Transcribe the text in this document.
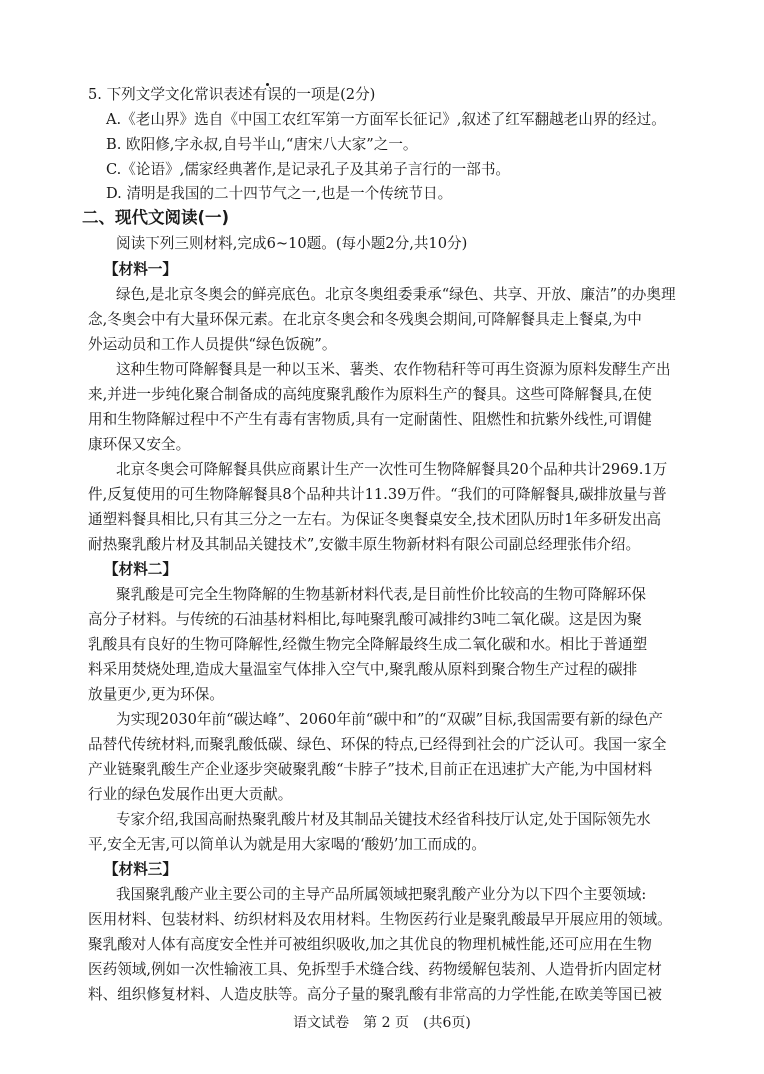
5. 下列文学文化常识表述有误的一项是(2分)
A.《老山界》选自《中国工农红军第一方面军长征记》,叙述了红军翻越老山界的经过。
B. 欧阳修,字永叔,自号半山,“唐宋八大家”之一。
C.《论语》,儒家经典著作,是记录孔子及其弟子言行的一部书。
D. 清明是我国的二十四节气之一,也是一个传统节日。
二、现代文阅读(一)
阅读下列三则材料,完成6~10题。(每小题2分,共10分)
【材料一】
绿色,是北京冬奥会的鲜亮底色。北京冬奥组委秉承“绿色、共享、开放、廉洁”的办奥理
念,冬奥会中有大量环保元素。在北京冬奥会和冬残奥会期间,可降解餐具走上餐桌,为中
外运动员和工作人员提供“绿色饭碗”。
这种生物可降解餐具是一种以玉米、薯类、农作物秸秆等可再生资源为原料发酵生产出
来,并进一步纯化聚合制备成的高纯度聚乳酸作为原料生产的餐具。这些可降解餐具,在使
用和生物降解过程中不产生有毒有害物质,具有一定耐菌性、阻燃性和抗紫外线性,可谓健
康环保又安全。
北京冬奥会可降解餐具供应商累计生产一次性可生物降解餐具20个品种共计2969.1万
件,反复使用的可生物降解餐具8个品种共计11.39万件。“我们的可降解餐具,碳排放量与普
通塑料餐具相比,只有其三分之一左右。为保证冬奥餐桌安全,技术团队历时1年多研发出高
耐热聚乳酸片材及其制品关键技术”,安徽丰原生物新材料有限公司副总经理张伟介绍。
【材料二】
聚乳酸是可完全生物降解的生物基新材料代表,是目前性价比较高的生物可降解环保
高分子材料。与传统的石油基材料相比,每吨聚乳酸可减排约3吨二氧化碳。这是因为聚
乳酸具有良好的生物可降解性,经微生物完全降解最终生成二氧化碳和水。相比于普通塑
料采用焚烧处理,造成大量温室气体排入空气中,聚乳酸从原料到聚合物生产过程的碳排
放量更少,更为环保。
为实现2030年前“碳达峰”、2060年前“碳中和”的“双碳”目标,我国需要有新的绿色产
品替代传统材料,而聚乳酸低碳、绿色、环保的特点,已经得到社会的广泛认可。我国一家全
产业链聚乳酸生产企业逐步突破聚乳酸“卡脖子”技术,目前正在迅速扩大产能,为中国材料
行业的绿色发展作出更大贡献。
专家介绍,我国高耐热聚乳酸片材及其制品关键技术经省科技厅认定,处于国际领先水
平,安全无害,可以简单认为就是用大家喝的‘酸奶’加工而成的。
【材料三】
我国聚乳酸产业主要公司的主导产品所属领域把聚乳酸产业分为以下四个主要领域:
医用材料、包装材料、纺织材料及农用材料。生物医药行业是聚乳酸最早开展应用的领域。
聚乳酸对人体有高度安全性并可被组织吸收,加之其优良的物理机械性能,还可应用在生物
医药领域,例如一次性输液工具、免拆型手术缝合线、药物缓解包装剂、人造骨折内固定材
料、组织修复材料、人造皮肤等。高分子量的聚乳酸有非常高的力学性能,在欧美等国已被
语文试卷　第 2 页　(共6页)
